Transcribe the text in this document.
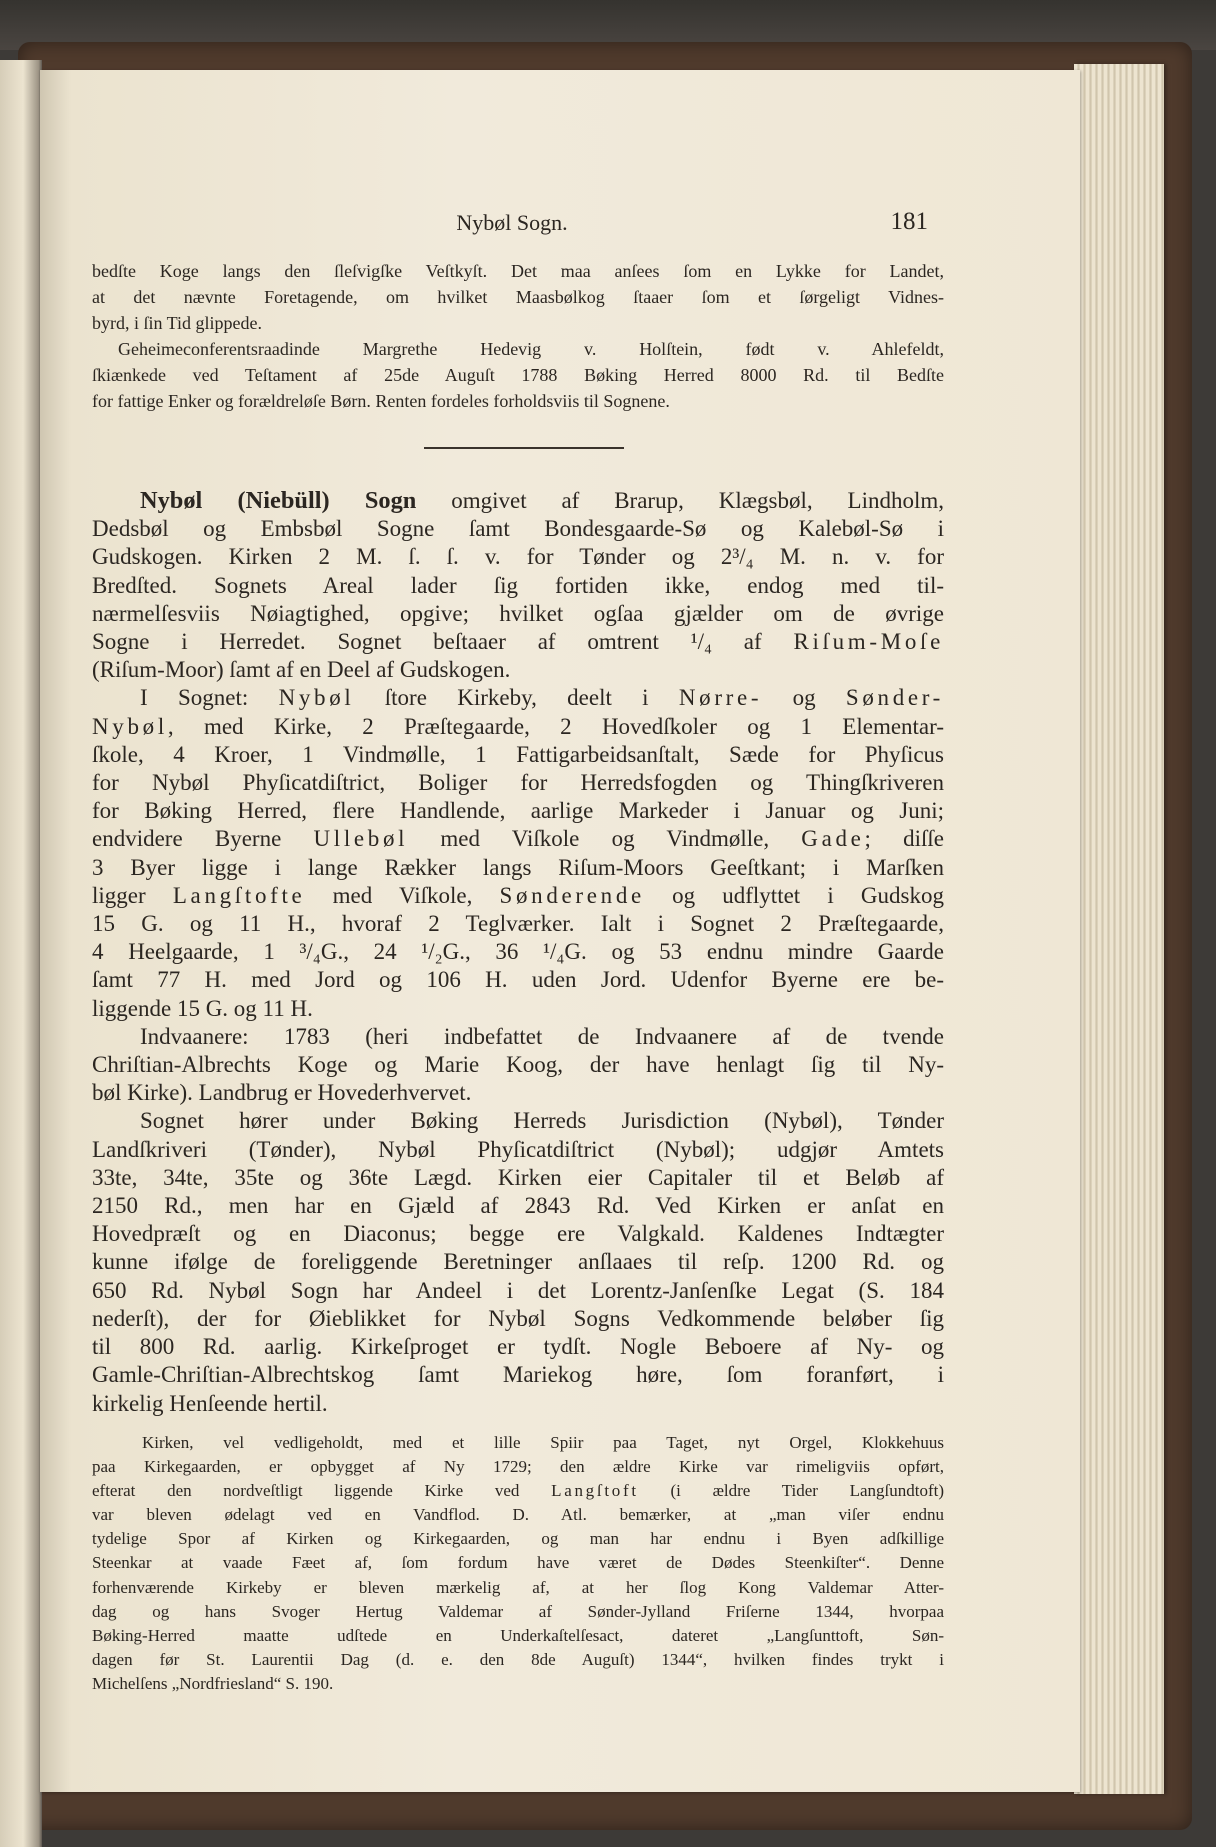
Nybøl Sogn.	181
bedſte Koge langs den ſleſvigſke Veſtkyſt. Det maa anſees ſom en Lykke for Landet,
at det nævnte Foretagende, om hvilket Maasbølkog ſtaaer ſom et ſørgeligt Vidnes-
byrd, i ſin Tid glippede.
Geheimeconferentsraadinde Margrethe Hedevig v. Holſtein, født v. Ahlefeldt,
ſkiænkede ved Teſtament af 25de Auguſt 1788 Bøking Herred 8000 Rd. til Bedſte
for fattige Enker og forældreløſe Børn. Renten fordeles forholdsviis til Sognene.
Nybøl (Niebüll) Sogn omgivet af Brarup, Klægsbøl, Lindholm,
Dedsbøl og Embsbøl Sogne ſamt Bondesgaarde-Sø og Kalebøl-Sø i
Gudskogen. Kirken 2 M. ſ. ſ. v. for Tønder og 2³/₄ M. n. v. for
Bredſted. Sognets Areal lader ſig fortiden ikke, endog med til-
nærmelſesviis Nøiagtighed, opgive; hvilket ogſaa gjælder om de øvrige
Sogne i Herredet. Sognet beſtaaer af omtrent ¹/₄ af Riſum-Moſe
(Riſum-Moor) ſamt af en Deel af Gudskogen.
I Sognet: Nybøl ſtore Kirkeby, deelt i Nørre- og Sønder-
Nybøl, med Kirke, 2 Præſtegaarde, 2 Hovedſkoler og 1 Elementar-
ſkole, 4 Kroer, 1 Vindmølle, 1 Fattigarbeidsanſtalt, Sæde for Phyſicus
for Nybøl Phyſicatdiſtrict, Boliger for Herredsfogden og Thingſkriveren
for Bøking Herred, flere Handlende, aarlige Markeder i Januar og Juni;
endvidere Byerne Ullebøl med Viſkole og Vindmølle, Gade; diſſe
3 Byer ligge i lange Rækker langs Riſum-Moors Geeſtkant; i Marſken
ligger Langſtofte med Viſkole, Sønderende og udflyttet i Gudskog
15 G. og 11 H., hvoraf 2 Teglværker. Ialt i Sognet 2 Præſtegaarde,
4 Heelgaarde, 1 ³/₄G., 24 ¹/₂G., 36 ¹/₄G. og 53 endnu mindre Gaarde
ſamt 77 H. med Jord og 106 H. uden Jord. Udenfor Byerne ere be-
liggende 15 G. og 11 H.
Indvaanere: 1783 (heri indbefattet de Indvaanere af de tvende
Chriſtian-Albrechts Koge og Marie Koog, der have henlagt ſig til Ny-
bøl Kirke). Landbrug er Hovederhvervet.
Sognet hører under Bøking Herreds Jurisdiction (Nybøl), Tønder
Landſkriveri (Tønder), Nybøl Phyſicatdiſtrict (Nybøl); udgjør Amtets
33te, 34te, 35te og 36te Lægd. Kirken eier Capitaler til et Beløb af
2150 Rd., men har en Gjæld af 2843 Rd. Ved Kirken er anſat en
Hovedpræſt og en Diaconus; begge ere Valgkald. Kaldenes Indtægter
kunne ifølge de foreliggende Beretninger anſlaaes til reſp. 1200 Rd. og
650 Rd. Nybøl Sogn har Andeel i det Lorentz-Janſenſke Legat (S. 184
nederſt), der for Øieblikket for Nybøl Sogns Vedkommende beløber ſig
til 800 Rd. aarlig. Kirkeſproget er tydſt. Nogle Beboere af Ny- og
Gamle-Chriſtian-Albrechtskog ſamt Mariekog høre, ſom foranført, i
kirkelig Henſeende hertil.
Kirken, vel vedligeholdt, med et lille Spiir paa Taget, nyt Orgel, Klokkehuus
paa Kirkegaarden, er opbygget af Ny 1729; den ældre Kirke var rimeligviis opført,
efterat den nordveſtligt liggende Kirke ved Langſtoft (i ældre Tider Langſundtoft)
var bleven ødelagt ved en Vandflod. D. Atl. bemærker, at „man viſer endnu
tydelige Spor af Kirken og Kirkegaarden, og man har endnu i Byen adſkillige
Steenkar at vaade Fæet af, ſom fordum have været de Dødes Steenkiſter“. Denne
forhenværende Kirkeby er bleven mærkelig af, at her ſlog Kong Valdemar Atter-
dag og hans Svoger Hertug Valdemar af Sønder-Jylland Friſerne 1344, hvorpaa
Bøking-Herred maatte udſtede en Underkaſtelſesact, dateret „Langſunttoft, Søn-
dagen før St. Laurentii Dag (d. e. den 8de Auguſt) 1344“, hvilken findes trykt i
Michelſens „Nordfriesland“ S. 190.
